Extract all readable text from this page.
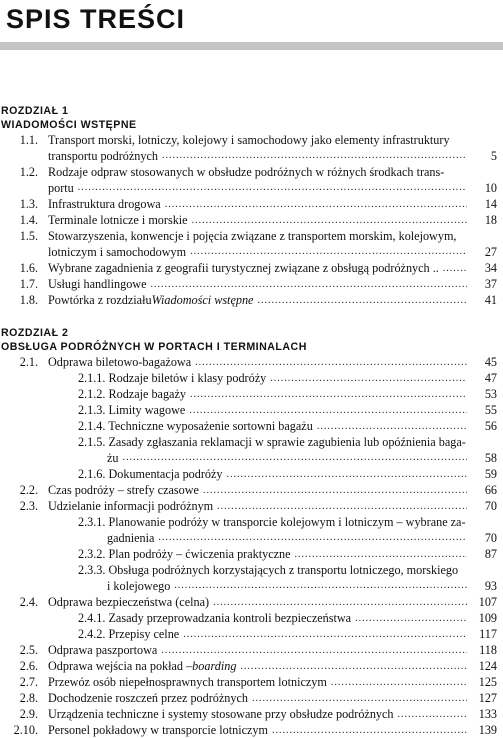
SPIS TREŚCI
ROZDZIAŁ 1
WIADOMOŚCI WSTĘPNE
1.1. Transport morski, lotniczy, kolejowy i samochodowy jako elementy infrastruktury
transportu podróżnych .....	5
1.2. Rodzaje odpraw stosowanych w obsłudze podróżnych w różnych środkach trans-
portu .....	10
1.3. Infrastruktura drogowa .....	14
1.4. Terminale lotnicze i morskie .....	18
1.5. Stowarzyszenia, konwencje i pojęcia związane z transportem morskim, kolejowym,
lotniczym i samochodowym .....	27
1.6. Wybrane zagadnienia z geografii turystycznej związane z obsługą podróżnych .. .....	34
1.7. Usługi handlingowe .....	37
1.8. Powtórka z rozdziału Wiadomości wstępne .....	41
ROZDZIAŁ 2
OBSŁUGA PODRÓŻNYCH W PORTACH I TERMINALACH
2.1. Odprawa biletowo-bagażowa .....	45
2.1.1. Rodzaje biletów i klasy podróży .....	47
2.1.2. Rodzaje bagaży .....	53
2.1.3. Limity wagowe .....	55
2.1.4. Techniczne wyposażenie sortowni bagażu .....	56
2.1.5. Zasady zgłaszania reklamacji w sprawie zagubienia lub opóźnienia baga-
żu .....	58
2.1.6. Dokumentacja podróży .....	59
2.2. Czas podróży – strefy czasowe .....	66
2.3. Udzielanie informacji podróżnym .....	70
2.3.1. Planowanie podróży w transporcie kolejowym i lotniczym – wybrane za-
gadnienia .....	70
2.3.2. Plan podróży – ćwiczenia praktyczne .....	87
2.3.3. Obsługa podróżnych korzystających z transportu lotniczego, morskiego
i kolejowego .....	93
2.4. Odprawa bezpieczeństwa (celna) .....	107
2.4.1. Zasady przeprowadzania kontroli bezpieczeństwa .....	109
2.4.2. Przepisy celne .....	117
2.5. Odprawa paszportowa .....	118
2.6. Odprawa wejścia na pokład – boarding .....	124
2.7. Przewóz osób niepełnosprawnych transportem lotniczym .....	125
2.8. Dochodzenie roszczeń przez podróżnych .....	127
2.9. Urządzenia techniczne i systemy stosowane przy obsłudze podróżnych .....	133
2.10. Personel pokładowy w transporcie lotniczym .....	139
